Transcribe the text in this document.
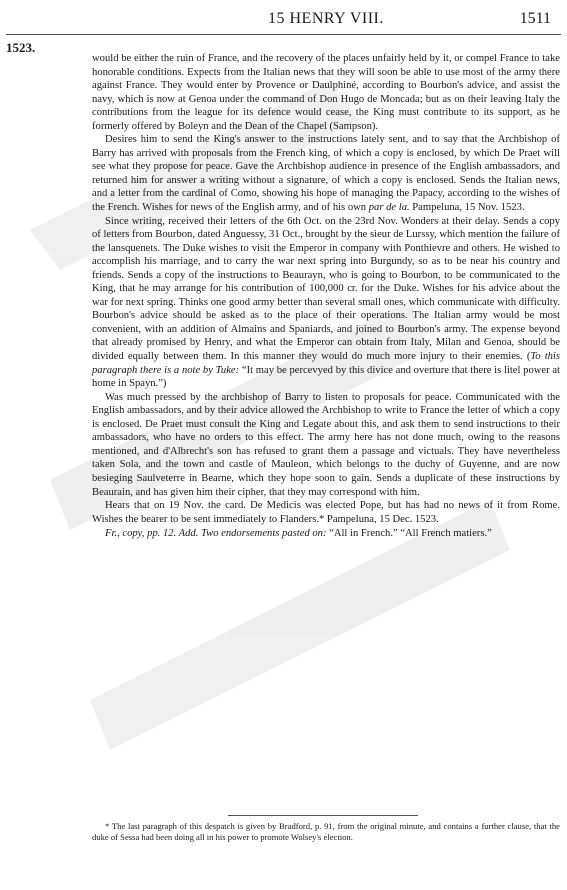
15 HENRY VIII.	1511
1523.

would be either the ruin of France, and the recovery of the places unfairly held by it, or compel France to take honorable conditions. Expects from the Italian news that they will soon be able to use most of the army there against France. They would enter by Provence or Daulphiné, according to Bourbon's advice, and assist the navy, which is now at Genoa under the command of Don Hugo de Moncada; but as on their leaving Italy the contributions from the league for its defence would cease, the King must contribute to its support, as he formerly offered by Boleyn and the Dean of the Chapel (Sampson).

Desires him to send the King's answer to the instructions lately sent, and to say that the Archbishop of Barry has arrived with proposals from the French king, of which a copy is enclosed, by which De Praet will see what they propose for peace. Gave the Archbishop audience in presence of the English ambassadors, and returned him for answer a writing without a signature, of which a copy is enclosed. Sends the Italian news, and a letter from the cardinal of Como, showing his hope of managing the Papacy, according to the wishes of the French. Wishes for news of the English army, and of his own par de la. Pampeluna, 15 Nov. 1523.

Since writing, received their letters of the 6th Oct. on the 23rd Nov. Wonders at their delay. Sends a copy of letters from Bourbon, dated Anguessy, 31 Oct., brought by the sieur de Lurssy, which mention the failure of the lansquenets. The Duke wishes to visit the Emperor in company with Ponthievre and others. He wished to accomplish his marriage, and to carry the war next spring into Burgundy, so as to be near his country and friends. Sends a copy of the instructions to Beaurayn, who is going to Bourbon, to be communicated to the King, that he may arrange for his contribution of 100,000 cr. for the Duke. Wishes for his advice about the war for next spring. Thinks one good army better than several small ones, which communicate with difficulty. Bourbon's advice should be asked as to the place of their operations. The Italian army would be most convenient, with an addition of Almains and Spaniards, and joined to Bourbon's army. The expense beyond that already promised by Henry, and what the Emperor can obtain from Italy, Milan and Genoa, should be divided equally between them. In this manner they would do much more injury to their enemies. (To this paragraph there is a note by Tuke: “It may be percevyed by this divice and overture that there is litel power at home in Spayn.”)

Was much pressed by the archbishop of Barry to listen to proposals for peace. Communicated with the English ambassadors, and by their advice allowed the Archbishop to write to France the letter of which a copy is enclosed. De Praet must consult the King and Legate about this, and ask them to send instructions to their ambassadors, who have no orders to this effect. The army here has not done much, owing to the reasons mentioned, and d'Albrecht's son has refused to grant them a passage and victuals. They have nevertheless taken Sola, and the town and castle of Mauleon, which belongs to the duchy of Guyenne, and are now besieging Saulveterre in Bearne, which they hope soon to gain. Sends a duplicate of these instructions by Beaurain, and has given him their cipher, that they may correspond with him.

Hears that on 19 Nov. the card. De Medicis was elected Pope, but has had no news of it from Rome. Wishes the bearer to be sent immediately to Flanders.* Pampeluna, 15 Dec. 1523.

Fr., copy, pp. 12. Add. Two endorsements pasted on: “All in French.” “All French matiers.”

* The last paragraph of this despatch is given by Bradford, p. 91, from the original minute, and contains a further clause, that the duke of Sessa had been doing all in his power to promote Wolsey's election.
